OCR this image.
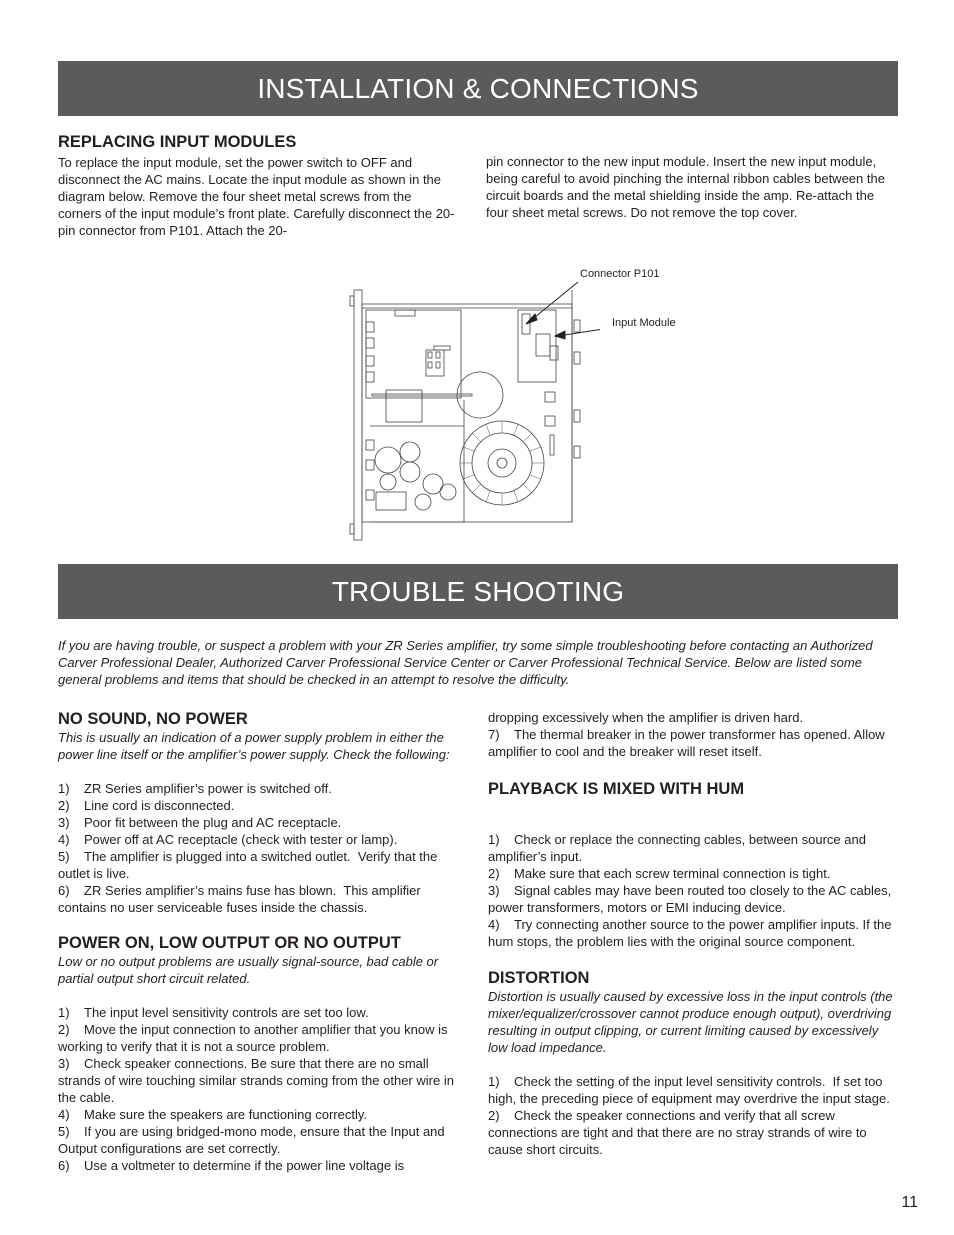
INSTALLATION & CONNECTIONS

REPLACING INPUT MODULES

To replace the input module, set the power switch to OFF and disconnect the AC mains. Locate the input module as shown in the diagram below. Remove the four sheet metal screws from the corners of the input module’s front plate. Carefully disconnect the 20-pin connector from P101. Attach the 20-

pin connector to the new input module. Insert the new input module, being careful to avoid pinching the internal ribbon cables between the circuit boards and the metal shielding inside the amp. Re-attach the four sheet metal screws. Do not remove the top cover.

Connector P101
Input Module
TROUBLE SHOOTING
If you are having trouble, or suspect a problem with your ZR Series amplifier, try some simple troubleshooting before contacting an Authorized Carver Professional Dealer, Authorized Carver Professional Service Center or Carver Professional Technical Service. Below are listed some general problems and items that should be checked in an attempt to resolve the difficulty.

NO SOUND, NO POWER

This is usually an indication of a power supply problem in either the power line itself or the amplifier’s power supply. Check the following:

1)    ZR Series amplifier’s power is switched off.
2)    Line cord is disconnected.
3)    Poor fit between the plug and AC receptacle.
4)    Power off at AC receptacle (check with tester or lamp).
5)    The amplifier is plugged into a switched outlet.  Verify that the outlet is live.
6)    ZR Series amplifier’s mains fuse has blown.  This amplifier contains no user serviceable fuses inside the chassis.

POWER ON, LOW OUTPUT OR NO OUTPUT

Low or no output problems are usually signal-source, bad cable or partial output short circuit related.

1)    The input level sensitivity controls are set too low.
2)    Move the input connection to another amplifier that you know is working to verify that it is not a source problem.
3)    Check speaker connections. Be sure that there are no small strands of wire touching similar strands coming from the other wire in the cable.
4)    Make sure the speakers are functioning correctly.
5)    If you are using bridged-mono mode, ensure that the Input and Output configurations are set correctly.
6)    Use a voltmeter to determine if the power line voltage is

dropping excessively when the amplifier is driven hard.

7)    The thermal breaker in the power transformer has opened. Allow amplifier to cool and the breaker will reset itself.

PLAYBACK IS MIXED WITH HUM

1)    Check or replace the connecting cables, between source and amplifier’s input.
2)    Make sure that each screw terminal connection is tight.
3)    Signal cables may have been routed too closely to the AC cables, power transformers, motors or EMI inducing device.
4)    Try connecting another source to the power amplifier inputs. If the hum stops, the problem lies with the original source component.

DISTORTION

Distortion is usually caused by excessive loss in the input controls (the mixer/equalizer/crossover cannot produce enough output), overdriving resulting in output clipping, or current limiting caused by excessively low load impedance.

1)    Check the setting of the input level sensitivity controls.  If set too high, the preceding piece of equipment may overdrive the input stage.
2)    Check the speaker connections and verify that all screw connections are tight and that there are no stray strands of wire to cause short circuits.
11
